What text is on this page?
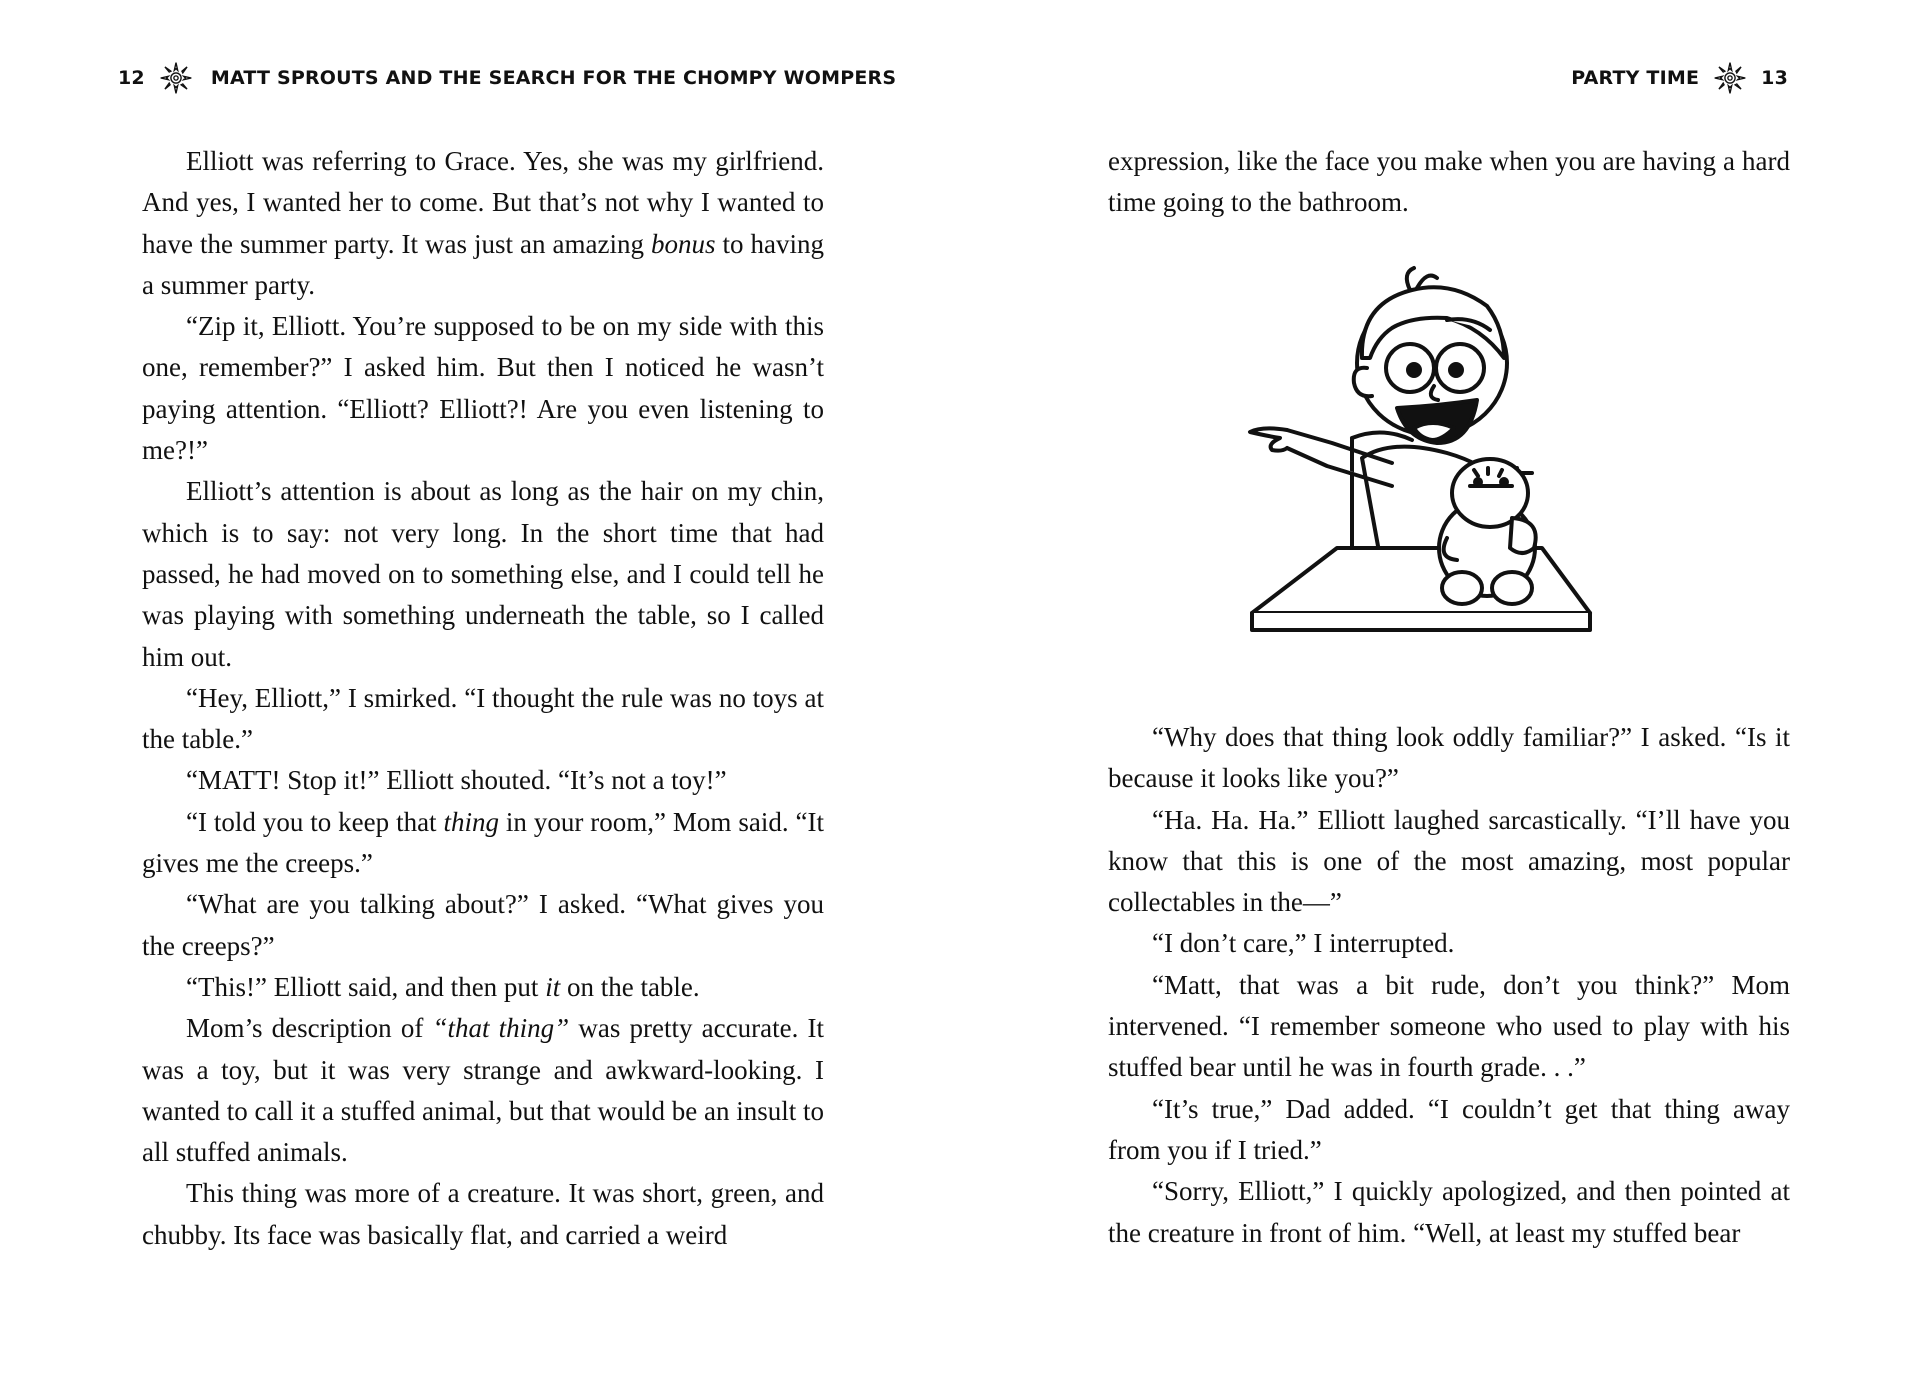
12	MATT SPROUTS AND THE SEARCH FOR THE CHOMPY WOMPERS

Elliott was referring to Grace. Yes, she was my girlfriend. And yes, I wanted her to come. But that’s not why I wanted to have the summer party. It was just an amazing bonus to having a summer party.

“Zip it, Elliott. You’re supposed to be on my side with this one, remember?” I asked him. But then I noticed he wasn’t paying attention. “Elliott? Elliott?! Are you even listening to me?!”

Elliott’s attention is about as long as the hair on my chin, which is to say: not very long. In the short time that had passed, he had moved on to something else, and I could tell he was playing with something underneath the table, so I called him out.

“Hey, Elliott,” I smirked. “I thought the rule was no toys at the table.”

“MATT! Stop it!” Elliott shouted. “It’s not a toy!”

“I told you to keep that thing in your room,” Mom said. “It gives me the creeps.”

“What are you talking about?” I asked. “What gives you the creeps?”

“This!” Elliott said, and then put it on the table.

Mom’s description of “that thing” was pretty accurate. It was a toy, but it was very strange and awkward-looking. I wanted to call it a stuffed animal, but that would be an insult to all stuffed animals.

This thing was more of a creature. It was short, green, and chubby. Its face was basically flat, and carried a weird

PARTY TIME	13

expression, like the face you make when you are having a hard time going to the bathroom.

“Why does that thing look oddly familiar?” I asked. “Is it because it looks like you?”

“Ha. Ha. Ha.” Elliott laughed sarcastically. “I’ll have you know that this is one of the most amazing, most popular collectables in the—”

“I don’t care,” I interrupted.

“Matt, that was a bit rude, don’t you think?” Mom intervened. “I remember someone who used to play with his stuffed bear until he was in fourth grade. . .”

“It’s true,” Dad added. “I couldn’t get that thing away from you if I tried.”

“Sorry, Elliott,” I quickly apologized, and then pointed at the creature in front of him. “Well, at least my stuffed bear
